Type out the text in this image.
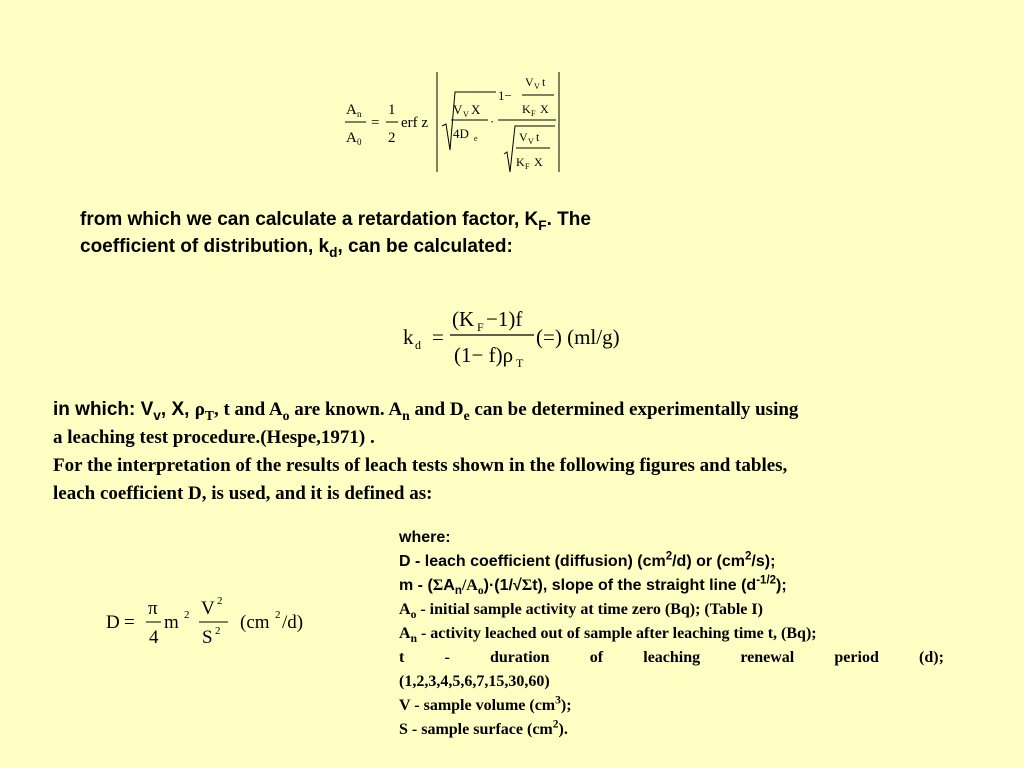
A n
A 0
=
1
2
erf z
V V X
4D e
·
1−
V V t
K F X
V V t
K F X
from which we can calculate a retardation factor, $K_F$. The
coefficient of distribution, $k_d$, can be calculated:
k d =
(K F −1)f
(1− f)ρ T
(=) (ml/g)
in which: $V_v$, X, $\rho_T$, t and $A_o$ are known. $A_n$ and $D_e$ can be determined experimentally using
a leaching test procedure.(Hespe,1971) .
For the interpretation of the results of leach tests shown in the following figures and tables,
leach coefficient D, is used, and it is defined as:
D =
π
4
m 2 V 2
S 2 (cm 2 /d)
where:
D - leach coefficient (diffusion) $(cm^2/d)$ or $(cm^2/s)$;
$m - (\Sigma A_n/A_o)\cdot(1/√\Sigma t)$, slope of the straight line $(d^{-1/2})$;
$A_o$ - initial sample activity at time zero (Bq); (Table I)
$A_n$ - activity leached out of sample after leaching time t, (Bq);
t	-	duration	of	leaching	renewal	period	(d);
(1,2,3,4,5,6,7,15,30,60)
V - sample volume $(cm^3)$;
S - sample surface $(cm^2)$.
